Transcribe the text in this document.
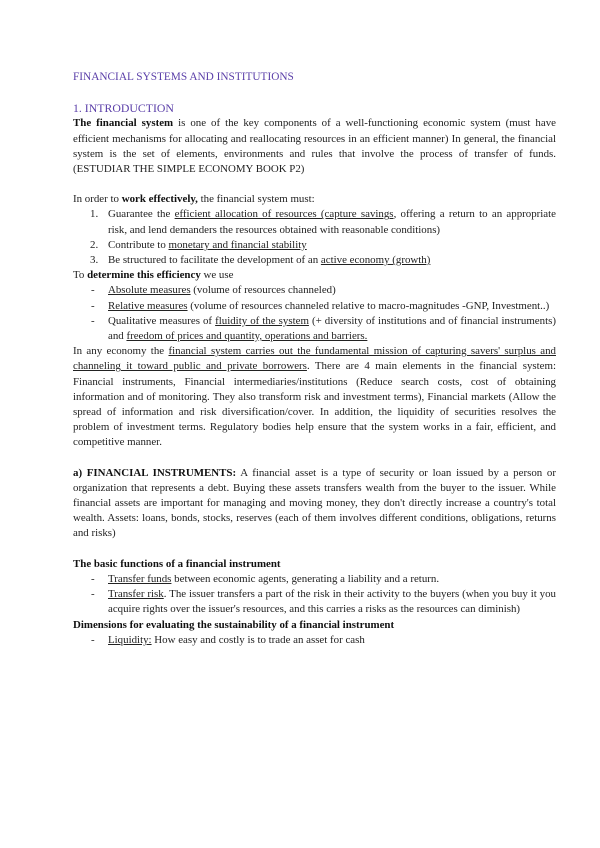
FINANCIAL SYSTEMS AND INSTITUTIONS
1. INTRODUCTION

The financial system is one of the key components of a well-functioning economic system (must have efficient mechanisms for allocating and reallocating resources in an efficient manner) In general, the financial system is the set of elements, environments and rules that involve the process of transfer of funds. (ESTUDIAR THE SIMPLE ECONOMY BOOK P2)

In order to work effectively, the financial system must:

1. Guarantee the efficient allocation of resources (capture savings, offering a return to an appropriate risk, and lend demanders the resources obtained with reasonable conditions)
2. Contribute to monetary and financial stability
3. Be structured to facilitate the development of an active economy (growth)

To determine this efficiency we use

- Absolute measures (volume of resources channeled)
- Relative measures (volume of resources channeled relative to macro-magnitudes -GNP, Investment..)
- Qualitative measures of fluidity of the system (+ diversity of institutions and of financial instruments) and freedom of prices and quantity, operations and barriers.

In any economy the financial system carries out the fundamental mission of capturing savers' surplus and channeling it toward public and private borrowers. There are 4 main elements in the financial system: Financial instruments, Financial intermediaries/institutions (Reduce search costs, cost of obtaining information and of monitoring. They also transform risk and investment terms), Financial markets (Allow the spread of information and risk diversification/cover. In addition, the liquidity of securities resolves the problem of investment terms. Regulatory bodies help ensure that the system works in a fair, efficient, and competitive manner.

a) FINANCIAL INSTRUMENTS: A financial asset is a type of security or loan issued by a person or organization that represents a debt. Buying these assets transfers wealth from the buyer to the issuer. While financial assets are important for managing and moving money, they don't directly increase a country's total wealth. Assets: loans, bonds, stocks, reserves (each of them involves different conditions, obligations, returns and risks)

The basic functions of a financial instrument
- Transfer funds between economic agents, generating a liability and a return.
- Transfer risk. The issuer transfers a part of the risk in their activity to the buyers (when you buy it you acquire rights over the issuer's resources, and this carries a risks as the resources can diminish)
Dimensions for evaluating the sustainability of a financial instrument
- Liquidity: How easy and costly is to trade an asset for cash
